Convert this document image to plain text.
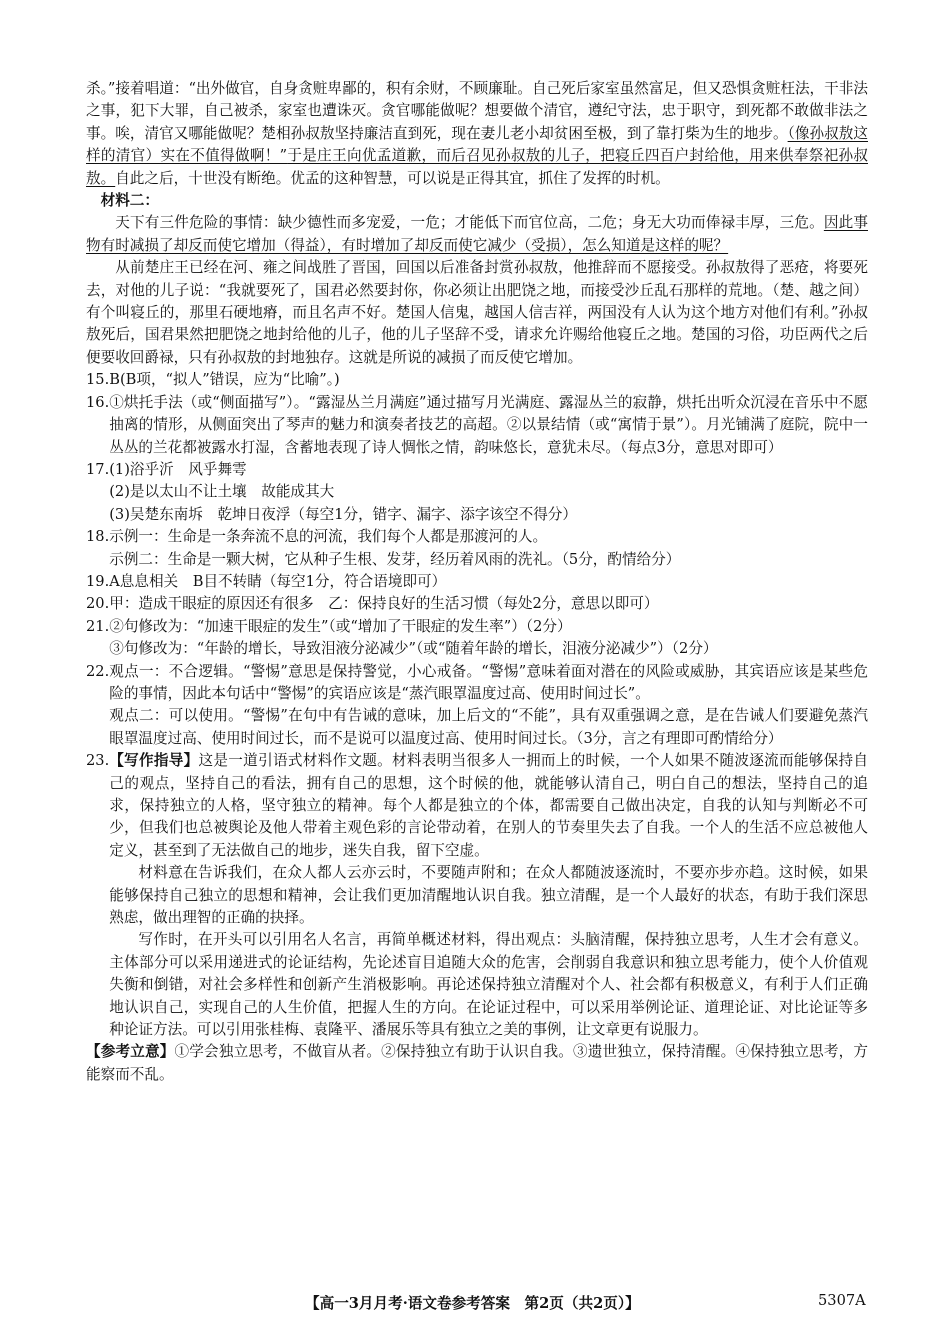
杀。”接着唱道：“出外做官，自身贪赃卑鄙的，积有余财，不顾廉耻。自己死后家室虽然富足，但又恐惧贪赃枉法，干非法之事，犯下大罪，自己被杀，家室也遭诛灭。贪官哪能做呢？想要做个清官，遵纪守法，忠于职守，到死都不敢做非法之事。唉，清官又哪能做呢？楚相孙叔敖坚持廉洁直到死，现在妻儿老小却贫困至极，到了靠打柴为生的地步。（像孙叔敖这样的清官）实在不值得做啊！”于是庄王向优孟道歉，而后召见孙叔敖的儿子，把寝丘四百户封给他，用来供奉祭祀孙叔敖。自此之后，十世没有断绝。优孟的这种智慧，可以说是正得其宜，抓住了发挥的时机。

材料二：

天下有三件危险的事情：缺少德性而多宠爱，一危；才能低下而官位高，二危；身无大功而俸禄丰厚，三危。因此事物有时减损了却反而使它增加（得益），有时增加了却反而使它减少（受损），怎么知道是这样的呢？

从前楚庄王已经在河、雍之间战胜了晋国，回国以后准备封赏孙叔敖，他推辞而不愿接受。孙叔敖得了恶疮，将要死去，对他的儿子说：“我就要死了，国君必然要封你，你必须让出肥饶之地，而接受沙丘乱石那样的荒地。（楚、越之间）有个叫寝丘的，那里石硬地瘠，而且名声不好。楚国人信鬼，越国人信吉祥，两国没有人认为这个地方对他们有利。”孙叔敖死后，国君果然把肥饶之地封给他的儿子，他的儿子坚辞不受，请求允许赐给他寝丘之地。楚国的习俗，功臣两代之后便要收回爵禄，只有孙叔敖的封地独存。这就是所说的减损了而反使它增加。

15. B(B项，“拟人”错误，应为“比喻”。)
16. ①烘托手法（或“侧面描写”）。“露湿丛兰月满庭”通过描写月光满庭、露湿丛兰的寂静，烘托出听众沉浸在音乐中不愿抽离的情形，从侧面突出了琴声的魅力和演奏者技艺的高超。②以景结情（或“寓情于景”）。月光铺满了庭院，院中一丛丛的兰花都被露水打湿，含蓄地表现了诗人惆怅之情，韵味悠长，意犹未尽。（每点3分，意思对即可）
17. (1)浴乎沂　风乎舞雩

(2)是以太山不让土壤　故能成其大

(3)吴楚东南坼　乾坤日夜浮（每空1分，错字、漏字、添字该空不得分）

18. 示例一：生命是一条奔流不息的河流，我们每个人都是那渡河的人。

示例二：生命是一颗大树，它从种子生根、发芽，经历着风雨的洗礼。（5分，酌情给分）

19. A息息相关　B目不转睛（每空1分，符合语境即可）
20. 甲：造成干眼症的原因还有很多　乙：保持良好的生活习惯（每处2分，意思以即可）
21. ②句修改为：“加速干眼症的发生”（或“增加了干眼症的发生率”）（2分）

③句修改为：“年龄的增长，导致泪液分泌减少”（或“随着年龄的增长，泪液分泌减少”）（2分）

22. 观点一：不合逻辑。“警惕”意思是保持警觉，小心戒备。“警惕”意味着面对潜在的风险或威胁，其宾语应该是某些危险的事情，因此本句话中“警惕”的宾语应该是“蒸汽眼罩温度过高、使用时间过长”。

观点二：可以使用。“警惕”在句中有告诫的意味，加上后文的“不能”，具有双重强调之意，是在告诫人们要避免蒸汽眼罩温度过高、使用时间过长，而不是说可以温度过高、使用时间过长。（3分，言之有理即可酌情给分）

23. 【写作指导】这是一道引语式材料作文题。材料表明当很多人一拥而上的时候，一个人如果不随波逐流而能够保持自己的观点，坚持自己的看法，拥有自己的思想，这个时候的他，就能够认清自己，明白自己的想法，坚持自己的追求，保持独立的人格，坚守独立的精神。每个人都是独立的个体，都需要自己做出决定，自我的认知与判断必不可少，但我们也总被舆论及他人带着主观色彩的言论带动着，在别人的节奏里失去了自我。一个人的生活不应总被他人定义，甚至到了无法做自己的地步，迷失自我，留下空虚。

材料意在告诉我们，在众人都人云亦云时，不要随声附和；在众人都随波逐流时，不要亦步亦趋。这时候，如果能够保持自己独立的思想和精神，会让我们更加清醒地认识自我。独立清醒，是一个人最好的状态，有助于我们深思熟虑，做出理智的正确的抉择。

写作时，在开头可以引用名人名言，再简单概述材料，得出观点：头脑清醒，保持独立思考，人生才会有意义。主体部分可以采用递进式的论证结构，先论述盲目追随大众的危害，会削弱自我意识和独立思考能力，使个人价值观失衡和倒错，对社会多样性和创新产生消极影响。再论述保持独立清醒对个人、社会都有积极意义，有利于人们正确地认识自己，实现自己的人生价值，把握人生的方向。在论证过程中，可以采用举例论证、道理论证、对比论证等多种论证方法。可以引用张桂梅、袁隆平、潘展乐等具有独立之美的事例，让文章更有说服力。

【参考立意】①学会独立思考，不做盲从者。②保持独立有助于认识自我。③遗世独立，保持清醒。④保持独立思考，方能察而不乱。

【高一3月月考·语文卷参考答案　第2页（共2页）】	5307A
